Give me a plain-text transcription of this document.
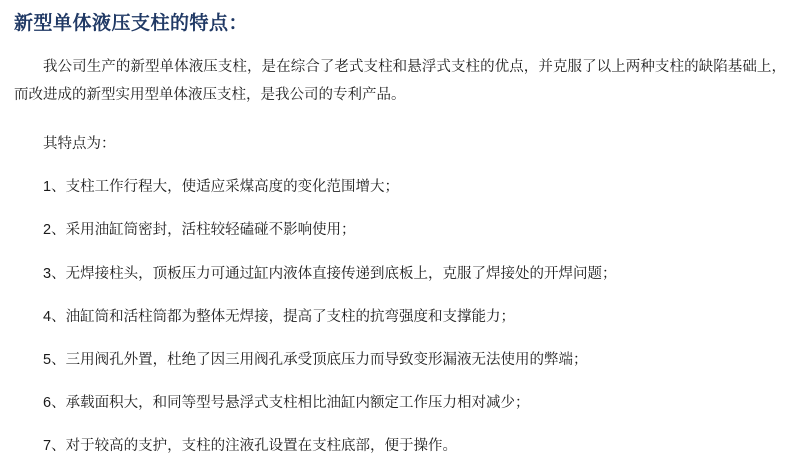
新型单体液压支柱的特点：

我公司生产的新型单体液压支柱，是在综合了老式支柱和悬浮式支柱的优点，并克服了以上两种支柱的缺陷基础上，而改进成的新型实用型单体液压支柱，是我公司的专利产品。

其特点为：

1、支柱工作行程大，使适应采煤高度的变化范围增大；
2、采用油缸筒密封，活柱较轻磕碰不影响使用；
3、无焊接柱头，顶板压力可通过缸内液体直接传递到底板上，克服了焊接处的开焊问题；
4、油缸筒和活柱筒都为整体无焊接，提高了支柱的抗弯强度和支撑能力；
5、三用阀孔外置，杜绝了因三用阀孔承受顶底压力而导致变形漏液无法使用的弊端；
6、承载面积大，和同等型号悬浮式支柱相比油缸内额定工作压力相对减少；
7、对于较高的支护，支柱的注液孔设置在支柱底部，便于操作。
